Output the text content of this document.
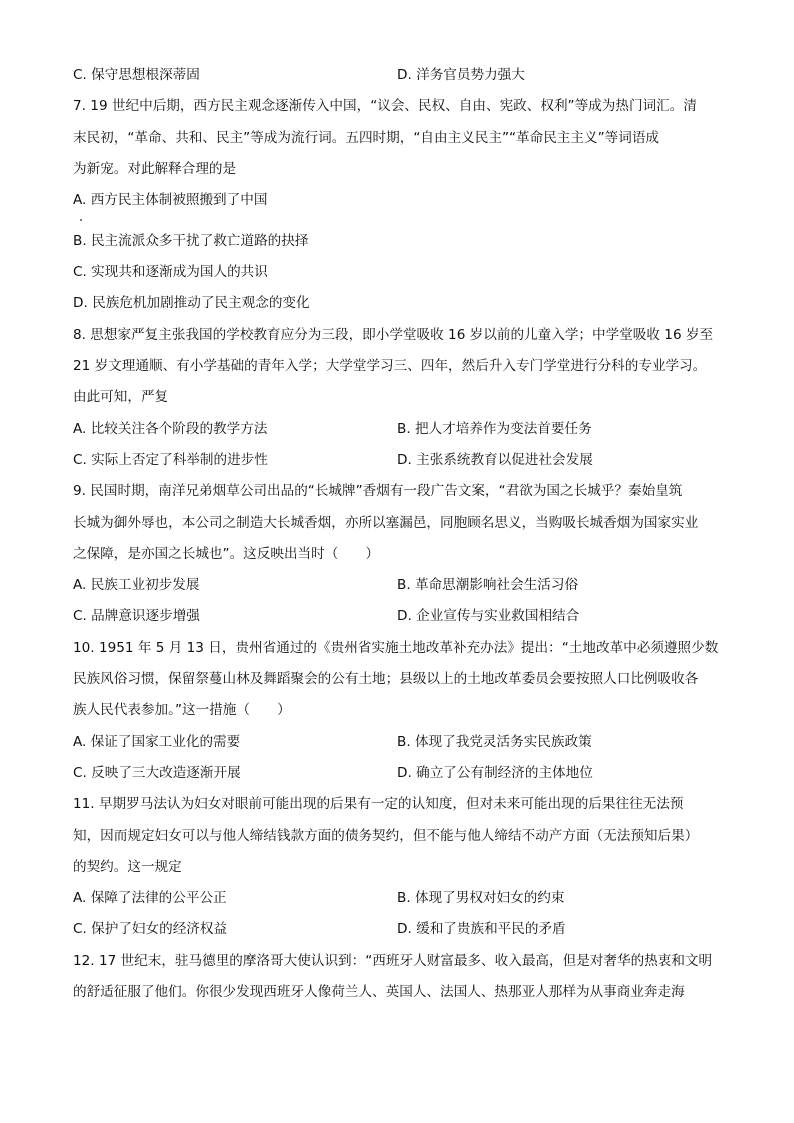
C. 保守思想根深蒂固	D. 洋务官员势力强大
7. 19 世纪中后期，西方民主观念逐渐传入中国，“议会、民权、自由、宪政、权利”等成为热门词汇。清
末民初，“革命、共和、民主”等成为流行词。五四时期，“自由主义民主”“革命民主主义”等词语成
为新宠。对此解释合理的是
A. 西方民主体制被照搬到了中国
B. 民主流派众多干扰了救亡道路的抉择
C. 实现共和逐渐成为国人的共识
D. 民族危机加剧推动了民主观念的变化
8. 思想家严复主张我国的学校教育应分为三段，即小学堂吸收 16 岁以前的儿童入学；中学堂吸收 16 岁至
21 岁文理通顺、有小学基础的青年入学；大学堂学习三、四年，然后升入专门学堂进行分科的专业学习。
由此可知，严复
A. 比较关注各个阶段的教学方法	B. 把人才培养作为变法首要任务
C. 实际上否定了科举制的进步性	D. 主张系统教育以促进社会发展
9. 民国时期，南洋兄弟烟草公司出品的“长城牌”香烟有一段广告文案，“君欲为国之长城乎？秦始皇筑
长城为御外辱也，本公司之制造大长城香烟，亦所以塞漏邑，同胞顾名思义，当购吸长城香烟为国家实业
之保障，是亦国之长城也”。这反映出当时（　　）
A. 民族工业初步发展	B. 革命思潮影响社会生活习俗
C. 品牌意识逐步增强	D. 企业宣传与实业救国相结合
10. 1951 年 5 月 13 日，贵州省通过的《贵州省实施土地改革补充办法》提出：“土地改革中必须遵照少数
民族风俗习惯，保留祭蔓山林及舞蹈聚会的公有土地；县级以上的土地改革委员会要按照人口比例吸收各
族人民代表参加。”这一措施（　　）
A. 保证了国家工业化的需要	B. 体现了我党灵活务实民族政策
C. 反映了三大改造逐渐开展	D. 确立了公有制经济的主体地位
11. 早期罗马法认为妇女对眼前可能出现的后果有一定的认知度，但对未来可能出现的后果往往无法预
知，因而规定妇女可以与他人缔结钱款方面的债务契约，但不能与他人缔结不动产方面（无法预知后果）
的契约。这一规定
A. 保障了法律的公平公正	B. 体现了男权对妇女的约束
C. 保护了妇女的经济权益	D. 缓和了贵族和平民的矛盾
12. 17 世纪末，驻马德里的摩洛哥大使认识到：“西班牙人财富最多、收入最高，但是对奢华的热衷和文明
的舒适征服了他们。你很少发现西班牙人像荷兰人、英国人、法国人、热那亚人那样为从事商业奔走海
